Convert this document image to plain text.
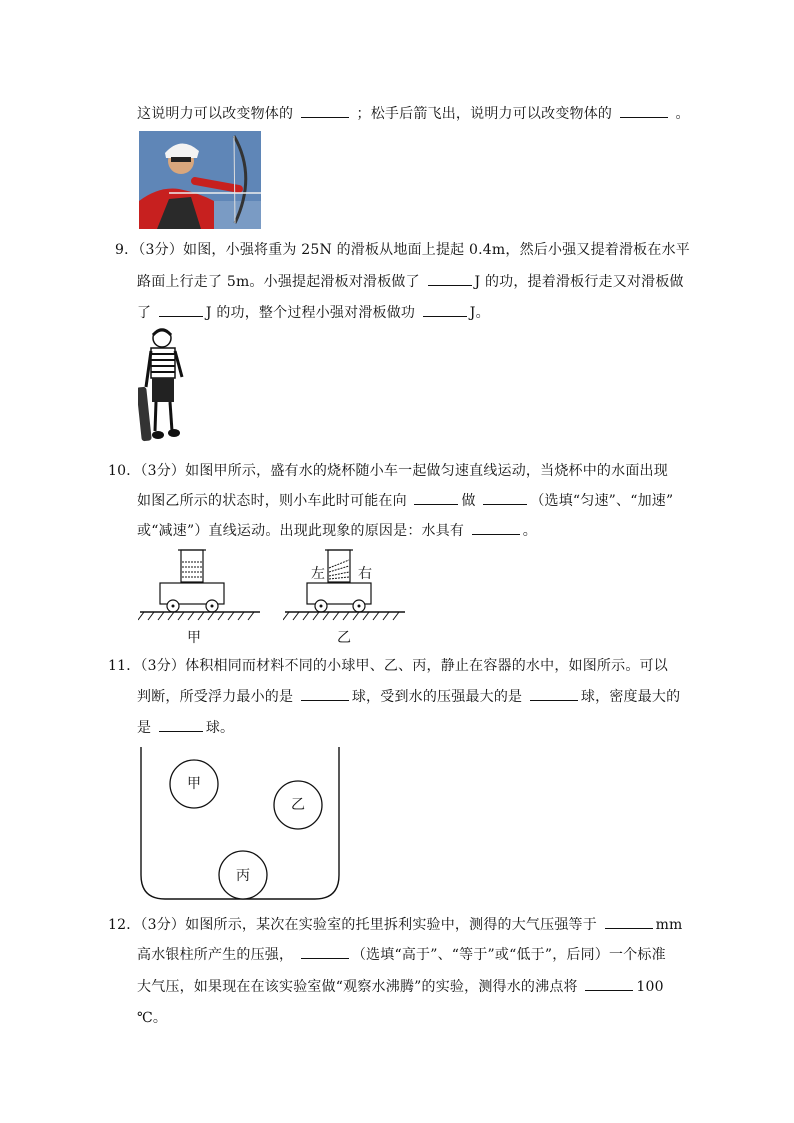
这说明力可以改变物体的	；松手后箭飞出，说明力可以改变物体的	。
9．（3分）如图，小强将重为 25N 的滑板从地面上提起 0.4m，然后小强又提着滑板在水平
路面上行走了 5m。小强提起滑板对滑板做了	J 的功，提着滑板行走又对滑板做
了	J 的功，整个过程小强对滑板做功	J。
10．（3分）如图甲所示，盛有水的烧杯随小车一起做匀速直线运动，当烧杯中的水面出现
如图乙所示的状态时，则小车此时可能在向	做	（选填“匀速”、“加速”
或“减速”）直线运动。出现此现象的原因是：水具有	。
甲
左 右
乙
11．（3分）体积相同而材料不同的小球甲、乙、丙，静止在容器的水中，如图所示。可以
判断，所受浮力最小的是	球，受到水的压强最大的是	球，密度最大的
是	球。
甲
乙
丙
12．（3分）如图所示，某次在实验室的托里拆利实验中，测得的大气压强等于	mm
高水银柱所产生的压强，	（选填“高于”、“等于”或“低于”，后同）一个标准
大气压，如果现在在该实验室做“观察水沸腾”的实验，测得水的沸点将	100
℃。
